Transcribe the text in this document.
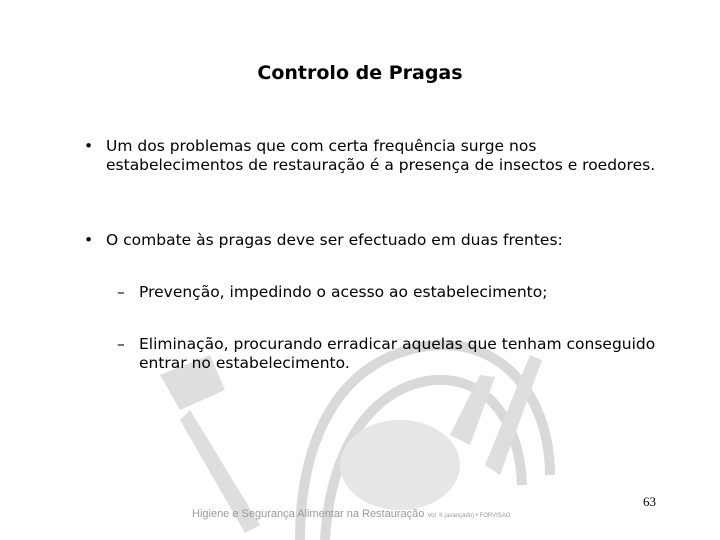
Controlo de Pragas
• Um dos problemas que com certa frequência surge nos estabelecimentos de restauração é a presença de insectos e roedores.
• O combate às pragas deve ser efectuado em duas frentes:
– Prevenção, impedindo o acesso ao estabelecimento;
– Eliminação, procurando erradicar aquelas que tenham conseguido entrar no estabelecimento.
Higiene e Segurança Alimentar na Restauração Vol. II (avançado) • FORVISAO
63
